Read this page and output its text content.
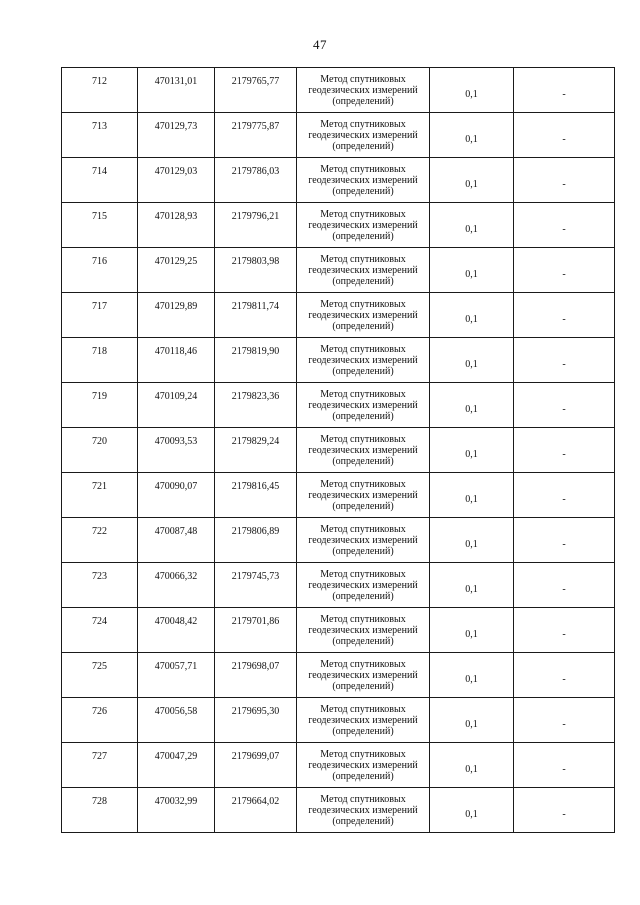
47
712	470131,01	2179765,77	Метод спутниковых геодезических измерений (определений)	0,1	-
713	470129,73	2179775,87	Метод спутниковых геодезических измерений (определений)	0,1	-
714	470129,03	2179786,03	Метод спутниковых геодезических измерений (определений)	0,1	-
715	470128,93	2179796,21	Метод спутниковых геодезических измерений (определений)	0,1	-
716	470129,25	2179803,98	Метод спутниковых геодезических измерений (определений)	0,1	-
717	470129,89	2179811,74	Метод спутниковых геодезических измерений (определений)	0,1	-
718	470118,46	2179819,90	Метод спутниковых геодезических измерений (определений)	0,1	-
719	470109,24	2179823,36	Метод спутниковых геодезических измерений (определений)	0,1	-
720	470093,53	2179829,24	Метод спутниковых геодезических измерений (определений)	0,1	-
721	470090,07	2179816,45	Метод спутниковых геодезических измерений (определений)	0,1	-
722	470087,48	2179806,89	Метод спутниковых геодезических измерений (определений)	0,1	-
723	470066,32	2179745,73	Метод спутниковых геодезических измерений (определений)	0,1	-
724	470048,42	2179701,86	Метод спутниковых геодезических измерений (определений)	0,1	-
725	470057,71	2179698,07	Метод спутниковых геодезических измерений (определений)	0,1	-
726	470056,58	2179695,30	Метод спутниковых геодезических измерений (определений)	0,1	-
727	470047,29	2179699,07	Метод спутниковых геодезических измерений (определений)	0,1	-
728	470032,99	2179664,02	Метод спутниковых геодезических измерений (определений)	0,1	-
